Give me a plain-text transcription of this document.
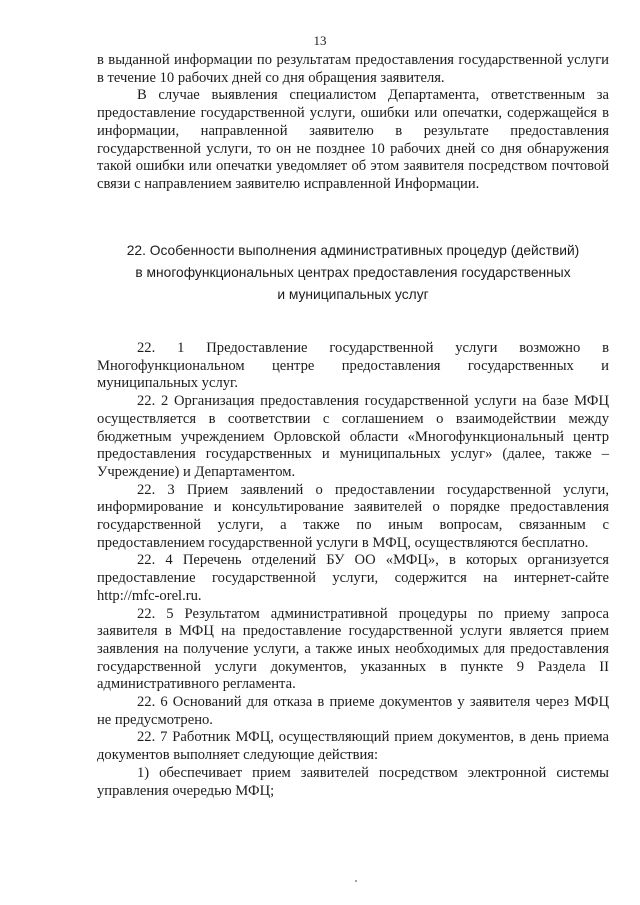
13

в выданной информации по результатам предоставления государственной услуги в течение 10 рабочих дней со дня обращения заявителя.

В случае выявления специалистом Департамента, ответственным за предоставление государственной услуги, ошибки или опечатки, содержащейся в информации, направленной заявителю в результате предоставления государственной услуги, то он не позднее 10 рабочих дней со дня обнаружения такой ошибки или опечатки уведомляет об этом заявителя посредством почтовой связи с направлением заявителю исправленной Информации.

22. Особенности выполнения административных процедур (действий)
в многофункциональных центрах предоставления государственных
и муниципальных услуг

22. 1 Предоставление государственной услуги возможно в Многофункциональном центре предоставления государственных и муниципальных услуг.

22. 2 Организация предоставления государственной услуги на базе МФЦ осуществляется в соответствии с соглашением о взаимодействии между бюджетным учреждением Орловской области «Многофункциональный центр предоставления государственных и муниципальных услуг» (далее, также – Учреждение) и Департаментом.

22. 3 Прием заявлений о предоставлении государственной услуги, информирование и консультирование заявителей о порядке предоставления государственной услуги, а также по иным вопросам, связанным с предоставлением государственной услуги в МФЦ, осуществляются бесплатно.

22. 4 Перечень отделений БУ ОО «МФЦ», в которых организуется предоставление государственной услуги, содержится на интернет-сайте http://mfc-orel.ru.

22. 5 Результатом административной процедуры по приему запроса заявителя в МФЦ на предоставление государственной услуги является прием заявления на получение услуги, а также иных необходимых для предоставления государственной услуги документов, указанных в пункте 9 Раздела II административного регламента.

22. 6 Оснований для отказа в приеме документов у заявителя через МФЦ не предусмотрено.

22. 7 Работник МФЦ, осуществляющий прием документов, в день приема документов выполняет следующие действия:

1) обеспечивает прием заявителей посредством электронной системы управления очередью МФЦ;
